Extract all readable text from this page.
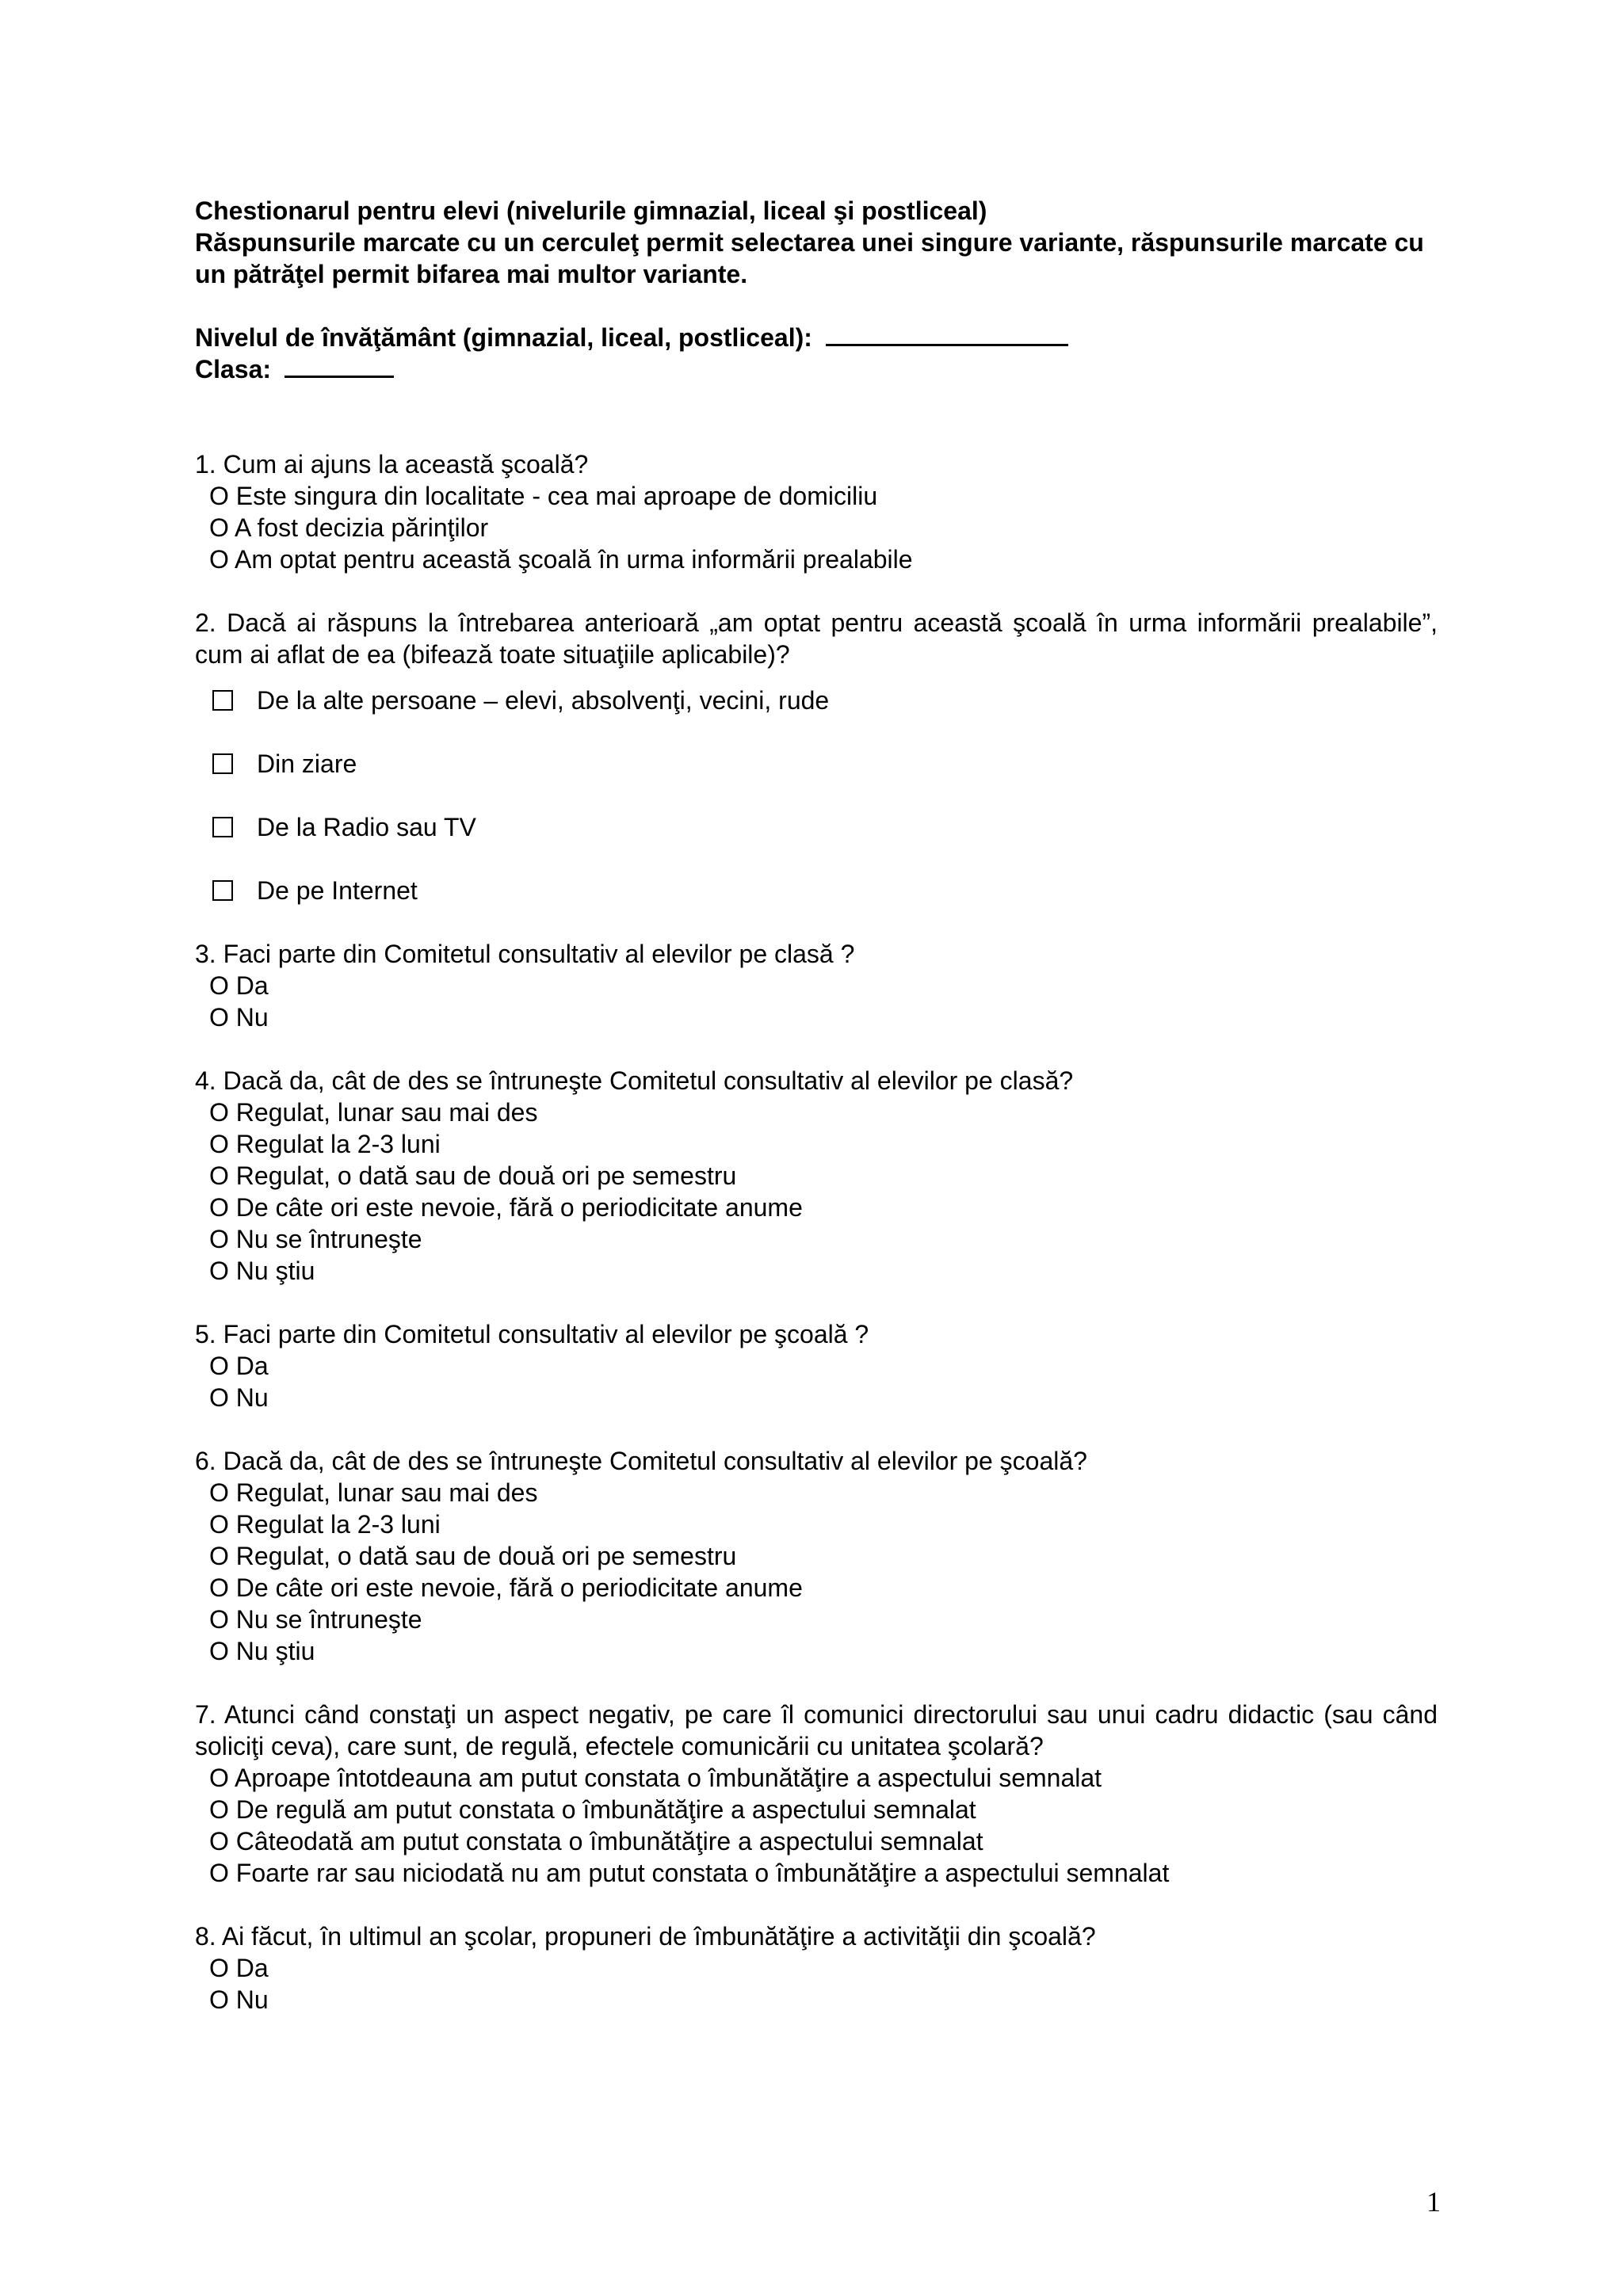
Chestionarul pentru elevi (nivelurile gimnazial, liceal şi postliceal)

Răspunsurile marcate cu un cerculeţ permit selectarea unei singure variante, răspunsurile marcate cu un pătrăţel permit bifarea mai multor variante.

Nivelul de învăţământ (gimnazial, liceal, postliceal):

Clasa:

1. Cum ai ajuns la această şcoală?

O Este singura din localitate - cea mai aproape de domiciliu

O A fost decizia părinţilor

O Am optat pentru această şcoală în urma informării prealabile

2. Dacă ai răspuns la întrebarea anterioară „am optat pentru această şcoală în urma informării prealabile”, cum ai aflat de ea (bifează toate situaţiile aplicabile)?

De la alte persoane – elevi, absolvenţi, vecini, rude
Din ziare
De la Radio sau TV
De pe Internet

3. Faci parte din Comitetul consultativ al elevilor pe clasă ?

O Da

O Nu

4. Dacă da, cât de des se întruneşte Comitetul consultativ al elevilor pe clasă?

O Regulat, lunar sau mai des

O Regulat la 2-3 luni

O Regulat, o dată sau de două ori pe semestru

O De câte ori este nevoie, fără o periodicitate anume

O Nu se întruneşte

O Nu ştiu

5. Faci parte din Comitetul consultativ al elevilor pe şcoală ?

O Da

O Nu

6. Dacă da, cât de des se întruneşte Comitetul consultativ al elevilor pe şcoală?

O Regulat, lunar sau mai des

O Regulat la 2-3 luni

O Regulat, o dată sau de două ori pe semestru

O De câte ori este nevoie, fără o periodicitate anume

O Nu se întruneşte

O Nu ştiu

7. Atunci când constaţi un aspect negativ, pe care îl comunici directorului sau unui cadru didactic (sau când soliciţi ceva), care sunt, de regulă, efectele comunicării cu unitatea şcolară?

O Aproape întotdeauna am putut constata o îmbunătăţire a aspectului semnalat

O De regulă am putut constata o îmbunătăţire a aspectului semnalat

O Câteodată am putut constata o îmbunătăţire a aspectului semnalat

O Foarte rar sau niciodată nu am putut constata o îmbunătăţire a aspectului semnalat

8. Ai făcut, în ultimul an şcolar, propuneri de îmbunătăţire a activităţii din şcoală?

O Da

O Nu

1
